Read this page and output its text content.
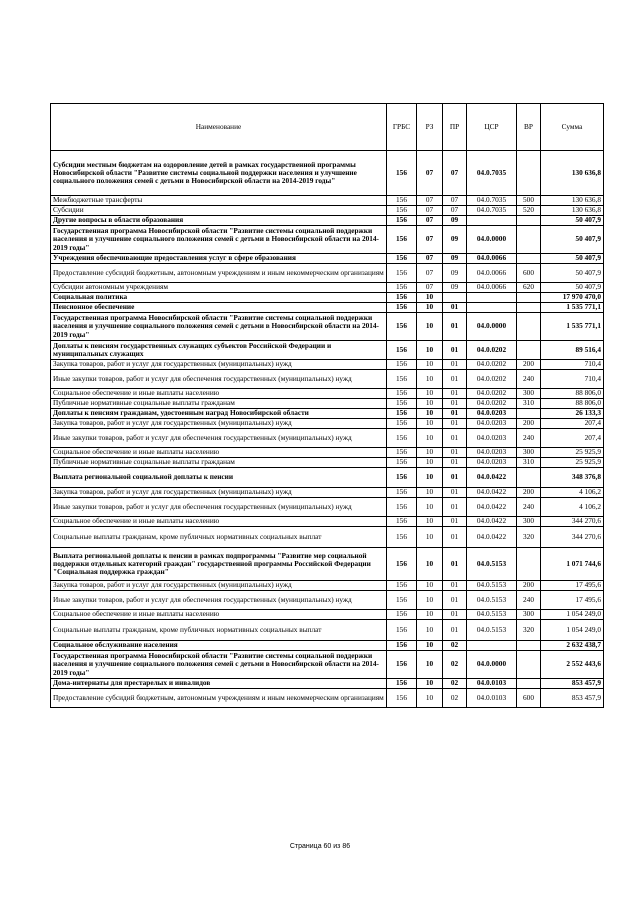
Наименование	ГРБС	РЗ	ПР	ЦСР	ВР	Сумма
Субсидии местным бюджетам на оздоровление детей в рамках государственной программы Новосибирской области "Развитие системы социальной поддержки населения и улучшение социального положения семей с детьми в Новосибирской области на 2014-2019 годы"	156	07	07	04.0.7035		130 636,8
Межбюджетные трансферты	156	07	07	04.0.7035	500	130 636,8
Субсидии	156	07	07	04.0.7035	520	130 636,8
Другие вопросы в области образования	156	07	09			50 407,9
Государственная программа Новосибирской области "Развитие системы социальной поддержки населения и улучшение социального положения семей с детьми в Новосибирской области на 2014-2019 годы"	156	07	09	04.0.0000		50 407,9
Учреждения обеспечивающие предоставления услуг в сфере образования	156	07	09	04.0.0066		50 407,9
Предоставление субсидий бюджетным, автономным учреждениям и иным некоммерческим организациям	156	07	09	04.0.0066	600	50 407,9
Субсидии автономным учреждениям	156	07	09	04.0.0066	620	50 407,9
Социальная политика	156	10				17 970 470,0
Пенсионное обеспечение	156	10	01			1 535 771,1
Государственная программа Новосибирской области "Развитие системы социальной поддержки населения и улучшение социального положения семей с детьми в Новосибирской области на 2014-2019 годы"	156	10	01	04.0.0000		1 535 771,1
Доплаты к пенсиям государственных служащих субъектов Российской Федерации и муниципальных служащих	156	10	01	04.0.0202		89 516,4
Закупка товаров, работ и услуг для государственных (муниципальных) нужд	156	10	01	04.0.0202	200	710,4
Иные закупки товаров, работ и услуг для обеспечения государственных (муниципальных) нужд	156	10	01	04.0.0202	240	710,4
Социальное обеспечение и иные выплаты населению	156	10	01	04.0.0202	300	88 806,0
Публичные нормативные социальные выплаты гражданам	156	10	01	04.0.0202	310	88 806,0
Доплаты к пенсиям гражданам, удостоенным наград Новосибирской области	156	10	01	04.0.0203		26 133,3
Закупка товаров, работ и услуг для государственных (муниципальных) нужд	156	10	01	04.0.0203	200	207,4
Иные закупки товаров, работ и услуг для обеспечения государственных (муниципальных) нужд	156	10	01	04.0.0203	240	207,4
Социальное обеспечение и иные выплаты населению	156	10	01	04.0.0203	300	25 925,9
Публичные нормативные социальные выплаты гражданам	156	10	01	04.0.0203	310	25 925,9
Выплата региональной социальной доплаты к пенсии	156	10	01	04.0.0422		348 376,8
Закупка товаров, работ и услуг для государственных (муниципальных) нужд	156	10	01	04.0.0422	200	4 106,2
Иные закупки товаров, работ и услуг для обеспечения государственных (муниципальных) нужд	156	10	01	04.0.0422	240	4 106,2
Социальное обеспечение и иные выплаты населению	156	10	01	04.0.0422	300	344 270,6
Социальные выплаты гражданам, кроме публичных нормативных социальных выплат	156	10	01	04.0.0422	320	344 270,6
Выплата региональной доплаты к пенсии в рамках подпрограммы "Развитие мер социальной поддержки отдельных категорий граждан" государственной программы Российской Федерации "Социальная поддержка граждан"	156	10	01	04.0.5153		1 071 744,6
Закупка товаров, работ и услуг для государственных (муниципальных) нужд	156	10	01	04.0.5153	200	17 495,6
Иные закупки товаров, работ и услуг для обеспечения государственных (муниципальных) нужд	156	10	01	04.0.5153	240	17 495,6
Социальное обеспечение и иные выплаты населению	156	10	01	04.0.5153	300	1 054 249,0
Социальные выплаты гражданам, кроме публичных нормативных социальных выплат	156	10	01	04.0.5153	320	1 054 249,0
Социальное обслуживание населения	156	10	02			2 632 438,7
Государственная программа Новосибирской области "Развитие системы социальной поддержки населения и улучшение социального положения семей с детьми в Новосибирской области на 2014-2019 годы"	156	10	02	04.0.0000		2 552 443,6
Дома-интернаты для престарелых и инвалидов	156	10	02	04.0.0103		853 457,9
Предоставление субсидий бюджетным, автономным учреждениям и иным некоммерческим организациям	156	10	02	04.0.0103	600	853 457,9
Страница 60 из 86
